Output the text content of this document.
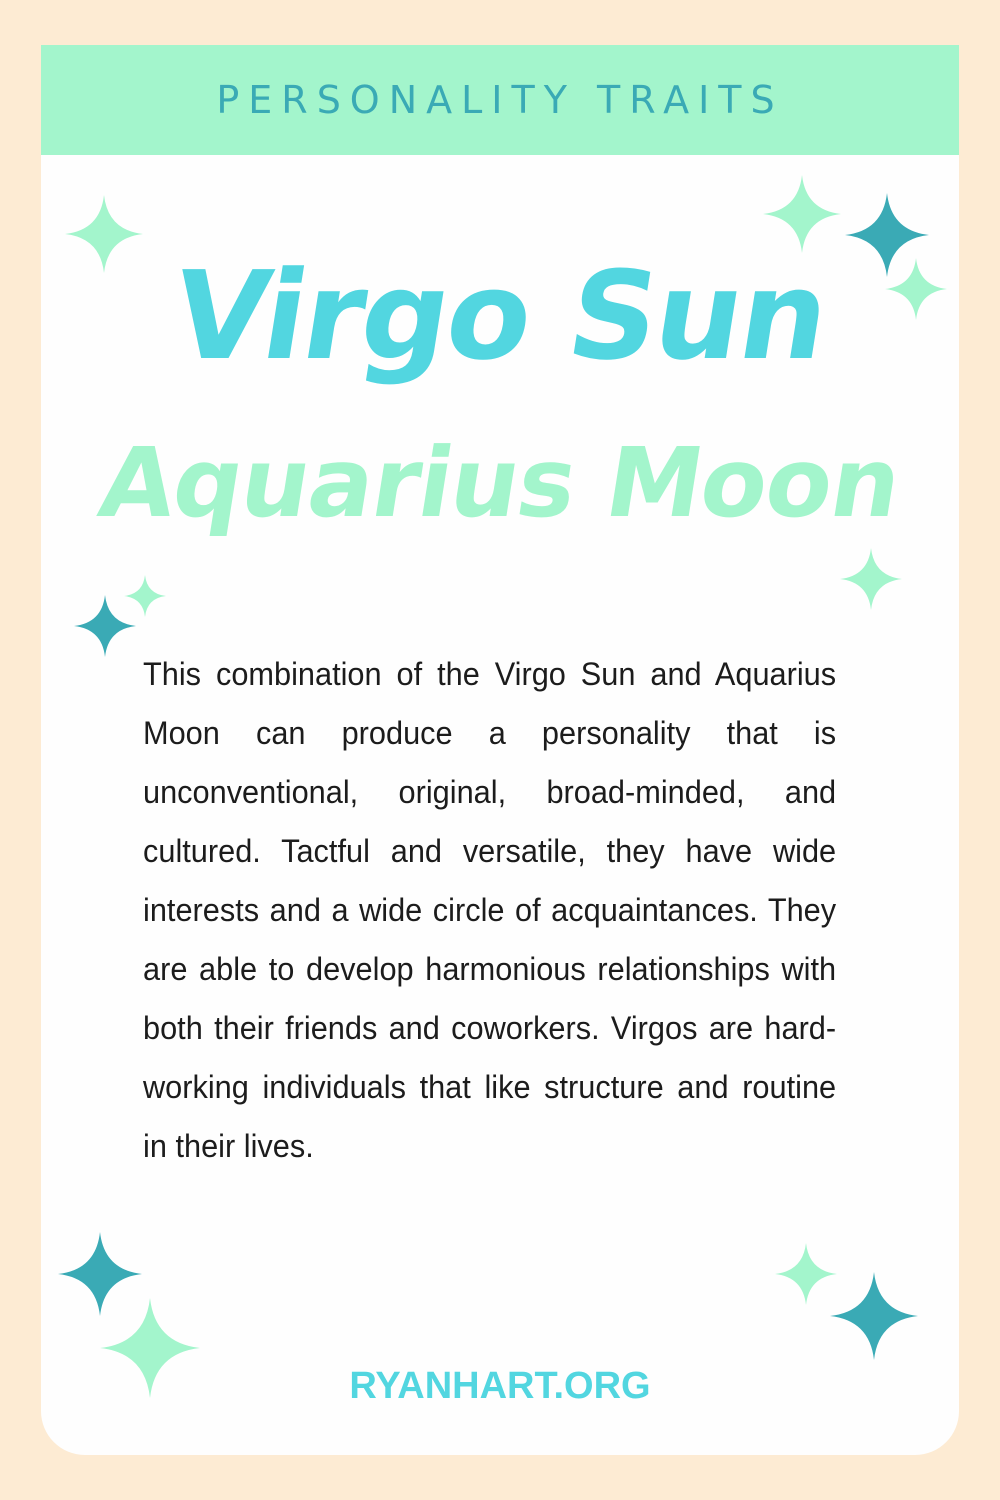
PERSONALITY TRAITS
Virgo Sun
Aquarius Moon

This combination of the Virgo Sun and Aquarius Moon can produce a personality that is unconventional, original, broad-minded, and cultured. Tactful and versatile, they have wide interests and a wide circle of acquaintances. They are able to develop harmonious relationships with both their friends and coworkers. Virgos are hard-working individuals that like structure and routine in their lives.

RYANHART.ORG
